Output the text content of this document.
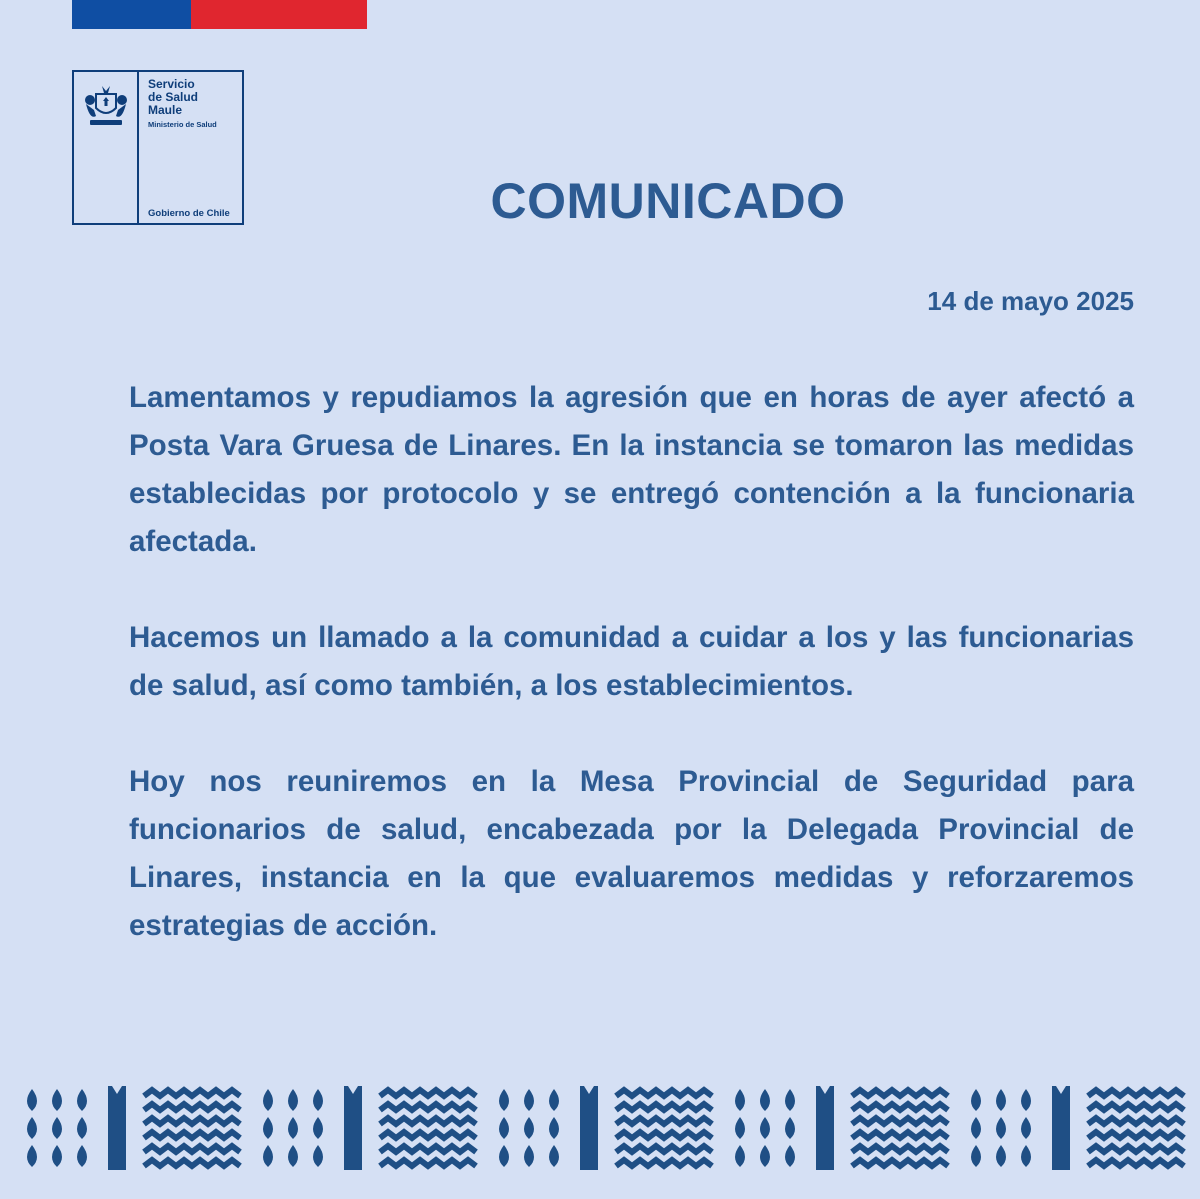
Servicio
de Salud
Maule
Ministerio de Salud
Gobierno de Chile	COMUNICADO
14 de mayo 2025

Lamentamos y repudiamos la agresión que en horas de ayer afectó a Posta Vara Gruesa de Linares. En la instancia se tomaron las medidas establecidas por protocolo y se entregó contención a la funcionaria afectada.

Hacemos un llamado a la comunidad a cuidar a los y las funcionarias de salud, así como también, a los establecimientos.

Hoy nos reuniremos en la Mesa Provincial de Seguridad para funcionarios de salud, encabezada por la Delegada Provincial de Linares, instancia en la que evaluaremos medidas y reforzaremos estrategias de acción.
